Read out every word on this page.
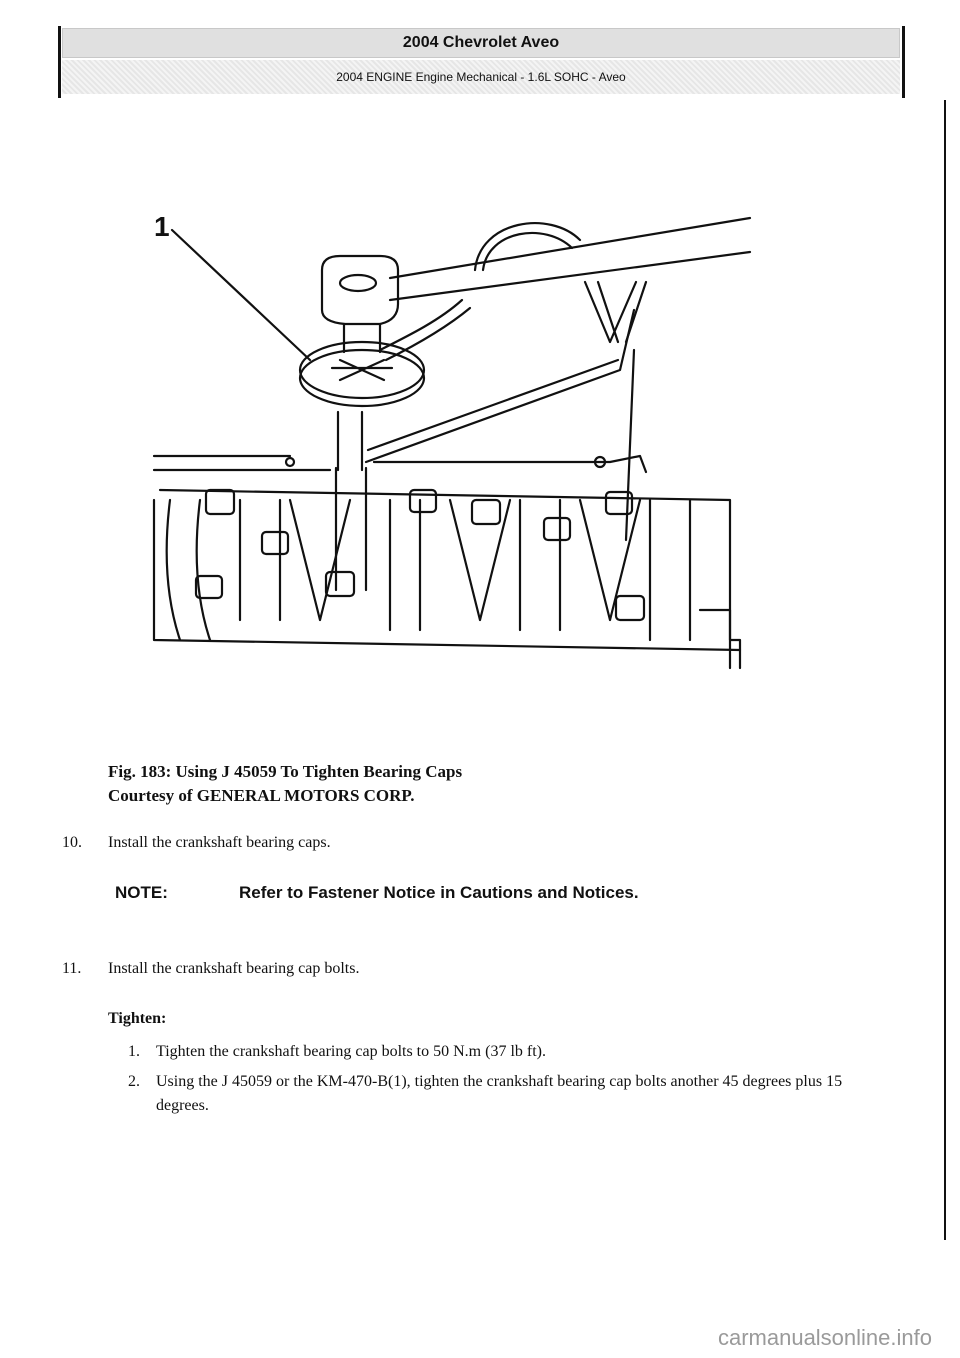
2004 Chevrolet Aveo
2004 ENGINE Engine Mechanical - 1.6L SOHC - Aveo
1
Fig. 183: Using J 45059 To Tighten Bearing Caps
Courtesy of GENERAL MOTORS CORP.
10.	Install the crankshaft bearing caps.
NOTE:	Refer to Fastener Notice in Cautions and Notices.
11.	Install the crankshaft bearing cap bolts.
Tighten:
1.	Tighten the crankshaft bearing cap bolts to 50 N.m (37 lb ft).
2.	Using the J 45059 or the KM-470-B(1), tighten the crankshaft bearing cap bolts another 45 degrees plus 15 degrees.
carmanualsonline.info
